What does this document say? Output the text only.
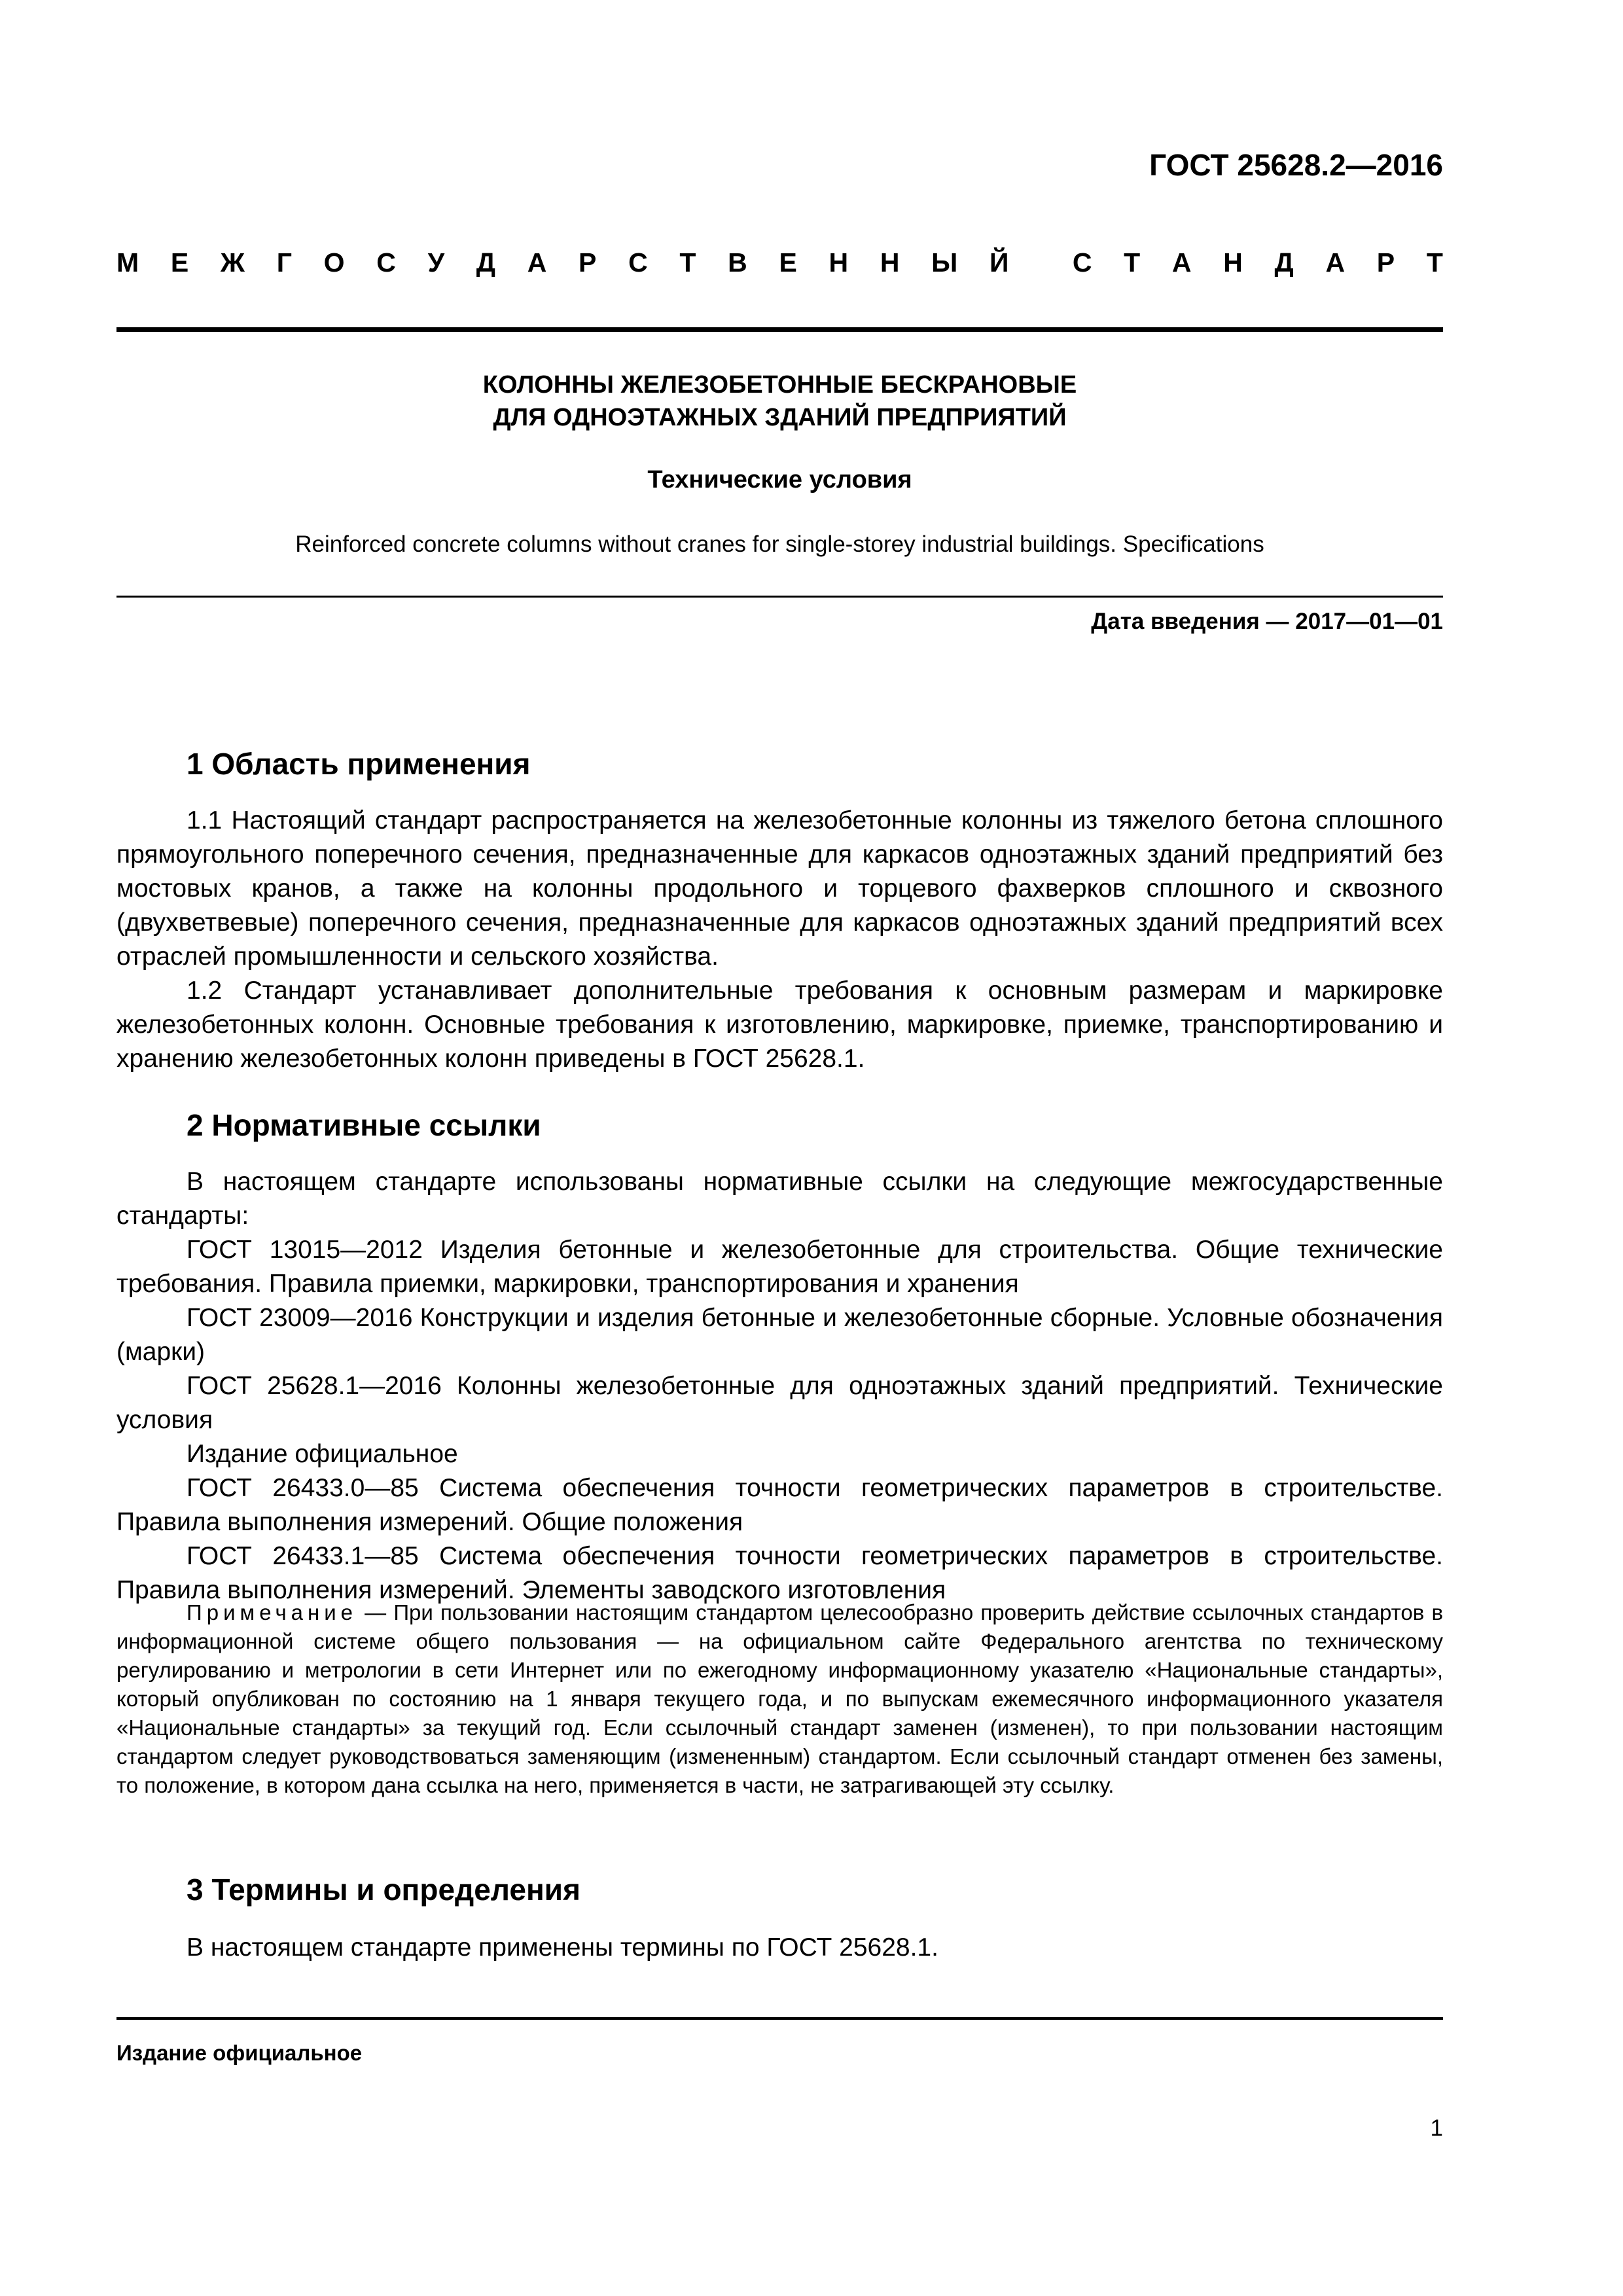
ГОСТ 25628.2—2016
М Е Ж Г О С У Д А Р С Т В Е Н Н Ы Й С Т А Н Д А Р Т
КОЛОННЫ ЖЕЛЕЗОБЕТОННЫЕ БЕСКРАНОВЫЕ
ДЛЯ ОДНОЭТАЖНЫХ ЗДАНИЙ ПРЕДПРИЯТИЙ
Технические условия
Reinforced concrete columns without cranes for single-storey industrial buildings. Specifications
Дата введения — 2017—01—01
1 Область применения
1.1 Настоящий стандарт распространяется на железобетонные колонны из тяжелого бетона сплошного прямоугольного поперечного сечения, предназначенные для каркасов одноэтажных зданий предприятий без мостовых кранов, а также на колонны продольного и торцевого фахверков сплошного и сквозного (двухветвевые) поперечного сечения, предназначенные для каркасов одноэтажных зданий предприятий всех отраслей промышленности и сельского хозяйства.
1.2 Стандарт устанавливает дополнительные требования к основным размерам и маркировке железобетонных колонн. Основные требования к изготовлению, маркировке, приемке, транспортированию и хранению железобетонных колонн приведены в ГОСТ 25628.1.
2 Нормативные ссылки
В настоящем стандарте использованы нормативные ссылки на следующие межгосударственные стандарты:
ГОСТ 13015—2012 Изделия бетонные и железобетонные для строительства. Общие технические требования. Правила приемки, маркировки, транспортирования и хранения
ГОСТ 23009—2016 Конструкции и изделия бетонные и железобетонные сборные. Условные обозначения (марки)
ГОСТ 25628.1—2016 Колонны железобетонные для одноэтажных зданий предприятий. Технические условия
Издание официальное
ГОСТ 26433.0—85 Система обеспечения точности геометрических параметров в строительстве. Правила выполнения измерений. Общие положения
ГОСТ 26433.1—85 Система обеспечения точности геометрических параметров в строительстве. Правила выполнения измерений. Элементы заводского изготовления
Примечание — При пользовании настоящим стандартом целесообразно проверить действие ссылочных стандартов в информационной системе общего пользования — на официальном сайте Федерального агентства по техническому регулированию и метрологии в сети Интернет или по ежегодному информационному указателю «Национальные стандарты», который опубликован по состоянию на 1 января текущего года, и по выпускам ежемесячного информационного указателя «Национальные стандарты» за текущий год. Если ссылочный стандарт заменен (изменен), то при пользовании настоящим стандартом следует руководствоваться заменяющим (измененным) стандартом. Если ссылочный стандарт отменен без замены, то положение, в котором дана ссылка на него, применяется в части, не затрагивающей эту ссылку.
3 Термины и определения
В настоящем стандарте применены термины по ГОСТ 25628.1.
Издание официальное
1
